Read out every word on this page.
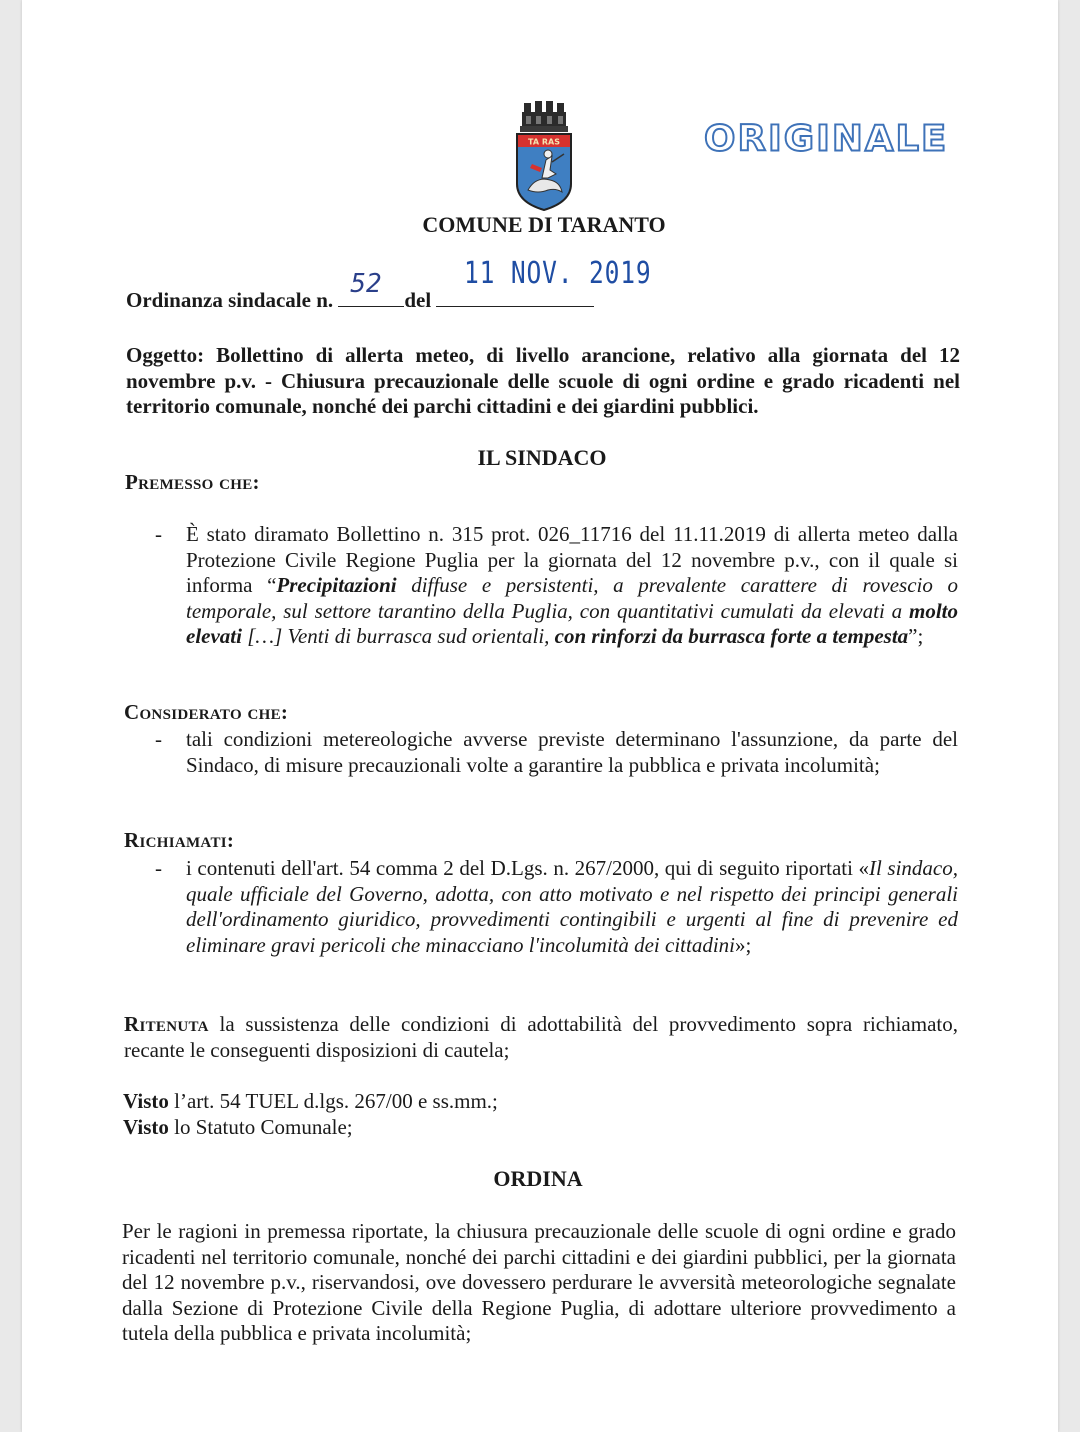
TA RAS	ORIGINALE
COMUNE DI TARANTO
Ordinanza sindacale n.
52
del
11 NOV. 2019
Oggetto: Bollettino di allerta meteo, di livello arancione, relativo alla giornata del 12 novembre p.v. - Chiusura precauzionale delle scuole di ogni ordine e grado ricadenti nel territorio comunale, nonché dei parchi cittadini e dei giardini pubblici.
IL SINDACO
Premesso che:
- È stato diramato Bollettino n. 315 prot. 026_11716 del 11.11.2019 di allerta meteo dalla Protezione Civile Regione Puglia per la giornata del 12 novembre p.v., con il quale si informa “Precipitazioni diffuse e persistenti, a prevalente carattere di rovescio o temporale, sul settore tarantino della Puglia, con quantitativi cumulati da elevati a molto elevati […] Venti di burrasca sud orientali, con rinforzi da burrasca forte a tempesta”;
Considerato che:
- tali condizioni metereologiche avverse previste determinano l'assunzione, da parte del Sindaco, di misure precauzionali volte a garantire la pubblica e privata incolumità;
Richiamati:
- i contenuti dell'art. 54 comma 2 del D.Lgs. n. 267/2000, qui di seguito riportati «Il sindaco, quale ufficiale del Governo, adotta, con atto motivato e nel rispetto dei principi generali dell'ordinamento giuridico, provvedimenti contingibili e urgenti al fine di prevenire ed eliminare gravi pericoli che minacciano l'incolumità dei cittadini»;
Ritenuta la sussistenza delle condizioni di adottabilità del provvedimento sopra richiamato, recante le conseguenti disposizioni di cautela;
Visto l’art. 54 TUEL d.lgs. 267/00 e ss.mm.;
Visto lo Statuto Comunale;
ORDINA
Per le ragioni in premessa riportate, la chiusura precauzionale delle scuole di ogni ordine e grado ricadenti nel territorio comunale, nonché dei parchi cittadini e dei giardini pubblici, per la giornata del 12 novembre p.v., riservandosi, ove dovessero perdurare le avversità meteorologiche segnalate dalla Sezione di Protezione Civile della Regione Puglia, di adottare ulteriore provvedimento a tutela della pubblica e privata incolumità;
